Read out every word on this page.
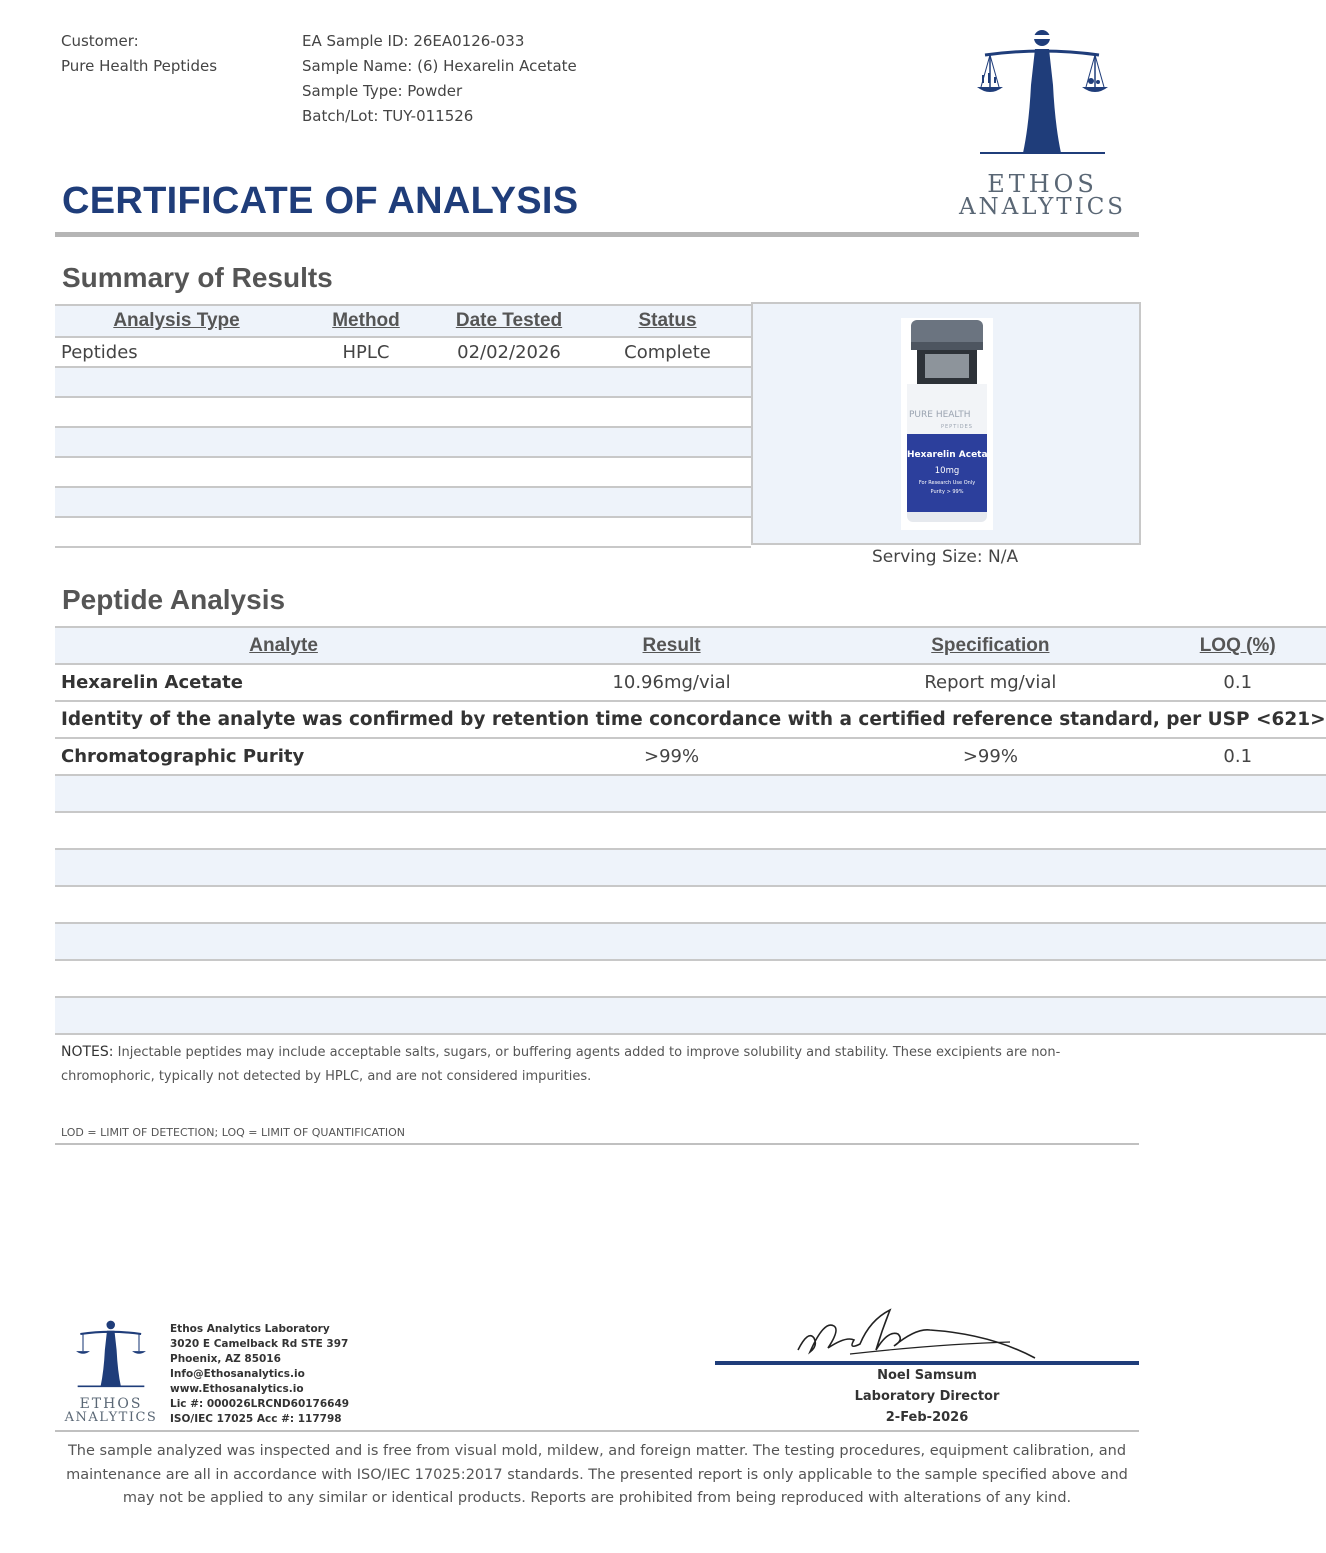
Customer:
Pure Health Peptides
EA Sample ID: 26EA0126-033
Sample Name: (6) Hexarelin Acetate
Sample Type: Powder
Batch/Lot: TUY-011526
ETHOS
ANALYTICS
CERTIFICATE OF ANALYSIS
Summary of Results
Analysis Type	Method	Date Tested	Status
Peptides	HPLC	02/02/2026	Complete

PURE HEALTH
PEPTIDES
Hexarelin Aceta
10mg
For Research Use Only
Purity > 99%
Serving Size: N/A
Peptide Analysis
Analyte	Result	Specification	LOQ (%)
Hexarelin Acetate	10.96mg/vial	Report mg/vial	0.1
Identity of the analyte was confirmed by retention time concordance with a certified reference standard, per USP <621>			
Chromatographic Purity	>99%	>99%	0.1

NOTES: Injectable peptides may include acceptable salts, sugars, or buffering agents added to improve solubility and stability. These excipients are non-chromophoric, typically not detected by HPLC, and are not considered impurities.
LOD = LIMIT OF DETECTION; LOQ = LIMIT OF QUANTIFICATION
ETHOS
ANALYTICS
Ethos Analytics Laboratory
3020 E Camelback Rd STE 397
Phoenix, AZ 85016
Info@Ethosanalytics.io
www.Ethosanalytics.io
Lic #: 000026LRCND60176649
ISO/IEC 17025 Acc #: 117798
Noel Samsum
Laboratory Director
2-Feb-2026
The sample analyzed was inspected and is free from visual mold, mildew, and foreign matter. The testing procedures, equipment calibration, and maintenance are all in accordance with ISO/IEC 17025:2017 standards. The presented report is only applicable to the sample specified above and may not be applied to any similar or identical products. Reports are prohibited from being reproduced with alterations of any kind.
